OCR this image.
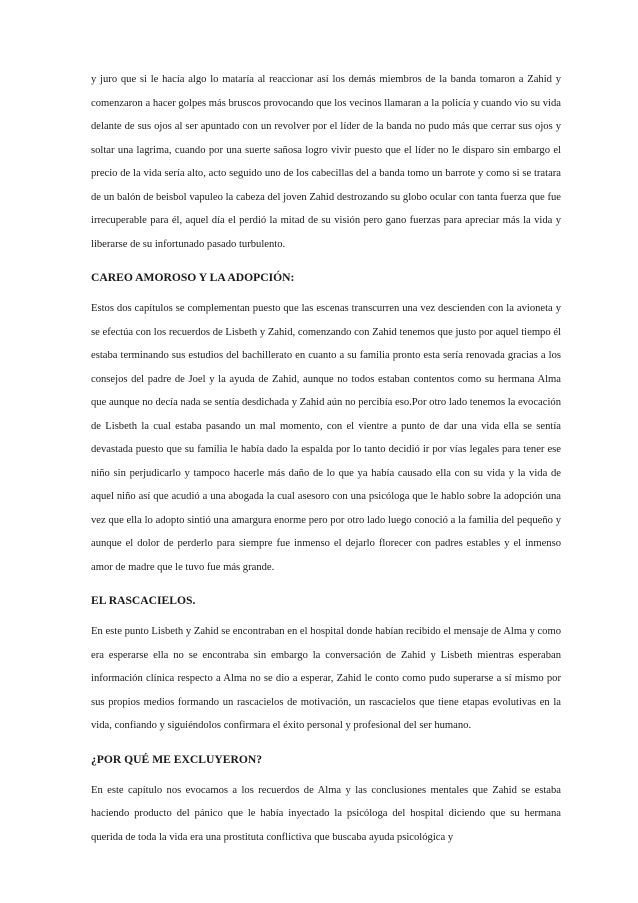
y juro que si le hacía algo lo mataría al reaccionar así los demás miembros de la banda tomaron a Zahid y comenzaron a hacer golpes más bruscos provocando que los vecinos llamaran a la policía y cuando vio su vida delante de sus ojos al ser apuntado con un revolver por el líder de la banda no pudo más que cerrar sus ojos y soltar una lagrima, cuando por una suerte sañosa logro vivir puesto que el líder no le disparo sin embargo el precio de la vida sería alto, acto seguido uno de los cabecillas del a banda tomo un barrote y como si se tratara de un balón de beisbol vapuleo la cabeza del joven Zahid destrozando su globo ocular con tanta fuerza que fue irrecuperable para él, aquel día el perdió la mitad de su visión pero gano fuerzas para apreciar más la vida y liberarse de su infortunado pasado turbulento.

CAREO AMOROSO Y LA ADOPCIÓN:

Estos dos capítulos se complementan puesto que las escenas transcurren una vez descienden con la avioneta y se efectúa con los recuerdos de Lisbeth y Zahid, comenzando con Zahid tenemos que justo por aquel tiempo él estaba terminando sus estudios del bachillerato en cuanto a su familia pronto esta sería renovada gracias a los consejos del padre de Joel y la ayuda de Zahid, aunque no todos estaban contentos como su hermana Alma que aunque no decía nada se sentía desdichada y Zahid aún no percibía eso.Por otro lado tenemos la evocación de Lisbeth la cual estaba pasando un mal momento, con el vientre a punto de dar una vida ella se sentía devastada puesto que su familia le había dado la espalda por lo tanto decidió ir por vías legales para tener ese niño sin perjudicarlo y tampoco hacerle más daño de lo que ya había causado ella con su vida y la vida de aquel niño así que acudió a una abogada la cual asesoro con una psicóloga que le hablo sobre la adopción una vez que ella lo adopto sintió una amargura enorme pero por otro lado luego conoció a la familia del pequeño y aunque el dolor de perderlo para siempre fue inmenso el dejarlo florecer con padres estables y el inmenso amor de madre que le tuvo fue más grande.

EL RASCACIELOS.

En este punto Lisbeth y Zahid se encontraban en el hospital donde habían recibido el mensaje de Alma y como era esperarse ella no se encontraba sin embargo la conversación de Zahid y Lisbeth mientras esperaban información clínica respecto a Alma no se dio a esperar, Zahid le conto como pudo superarse a sí mismo por sus propios medios formando un rascacielos de motivación, un rascacielos que tiene etapas evolutivas en la vida, confiando y siguiéndolos confirmara el éxito personal y profesional del ser humano.

¿POR QUÉ ME EXCLUYERON?

En este capítulo nos evocamos a los recuerdos de Alma y las conclusiones mentales que Zahid se estaba haciendo producto del pánico que le había inyectado la psicóloga del hospital diciendo que su hermana querida de toda la vida era una prostituta conflictiva que buscaba ayuda psicológica y
